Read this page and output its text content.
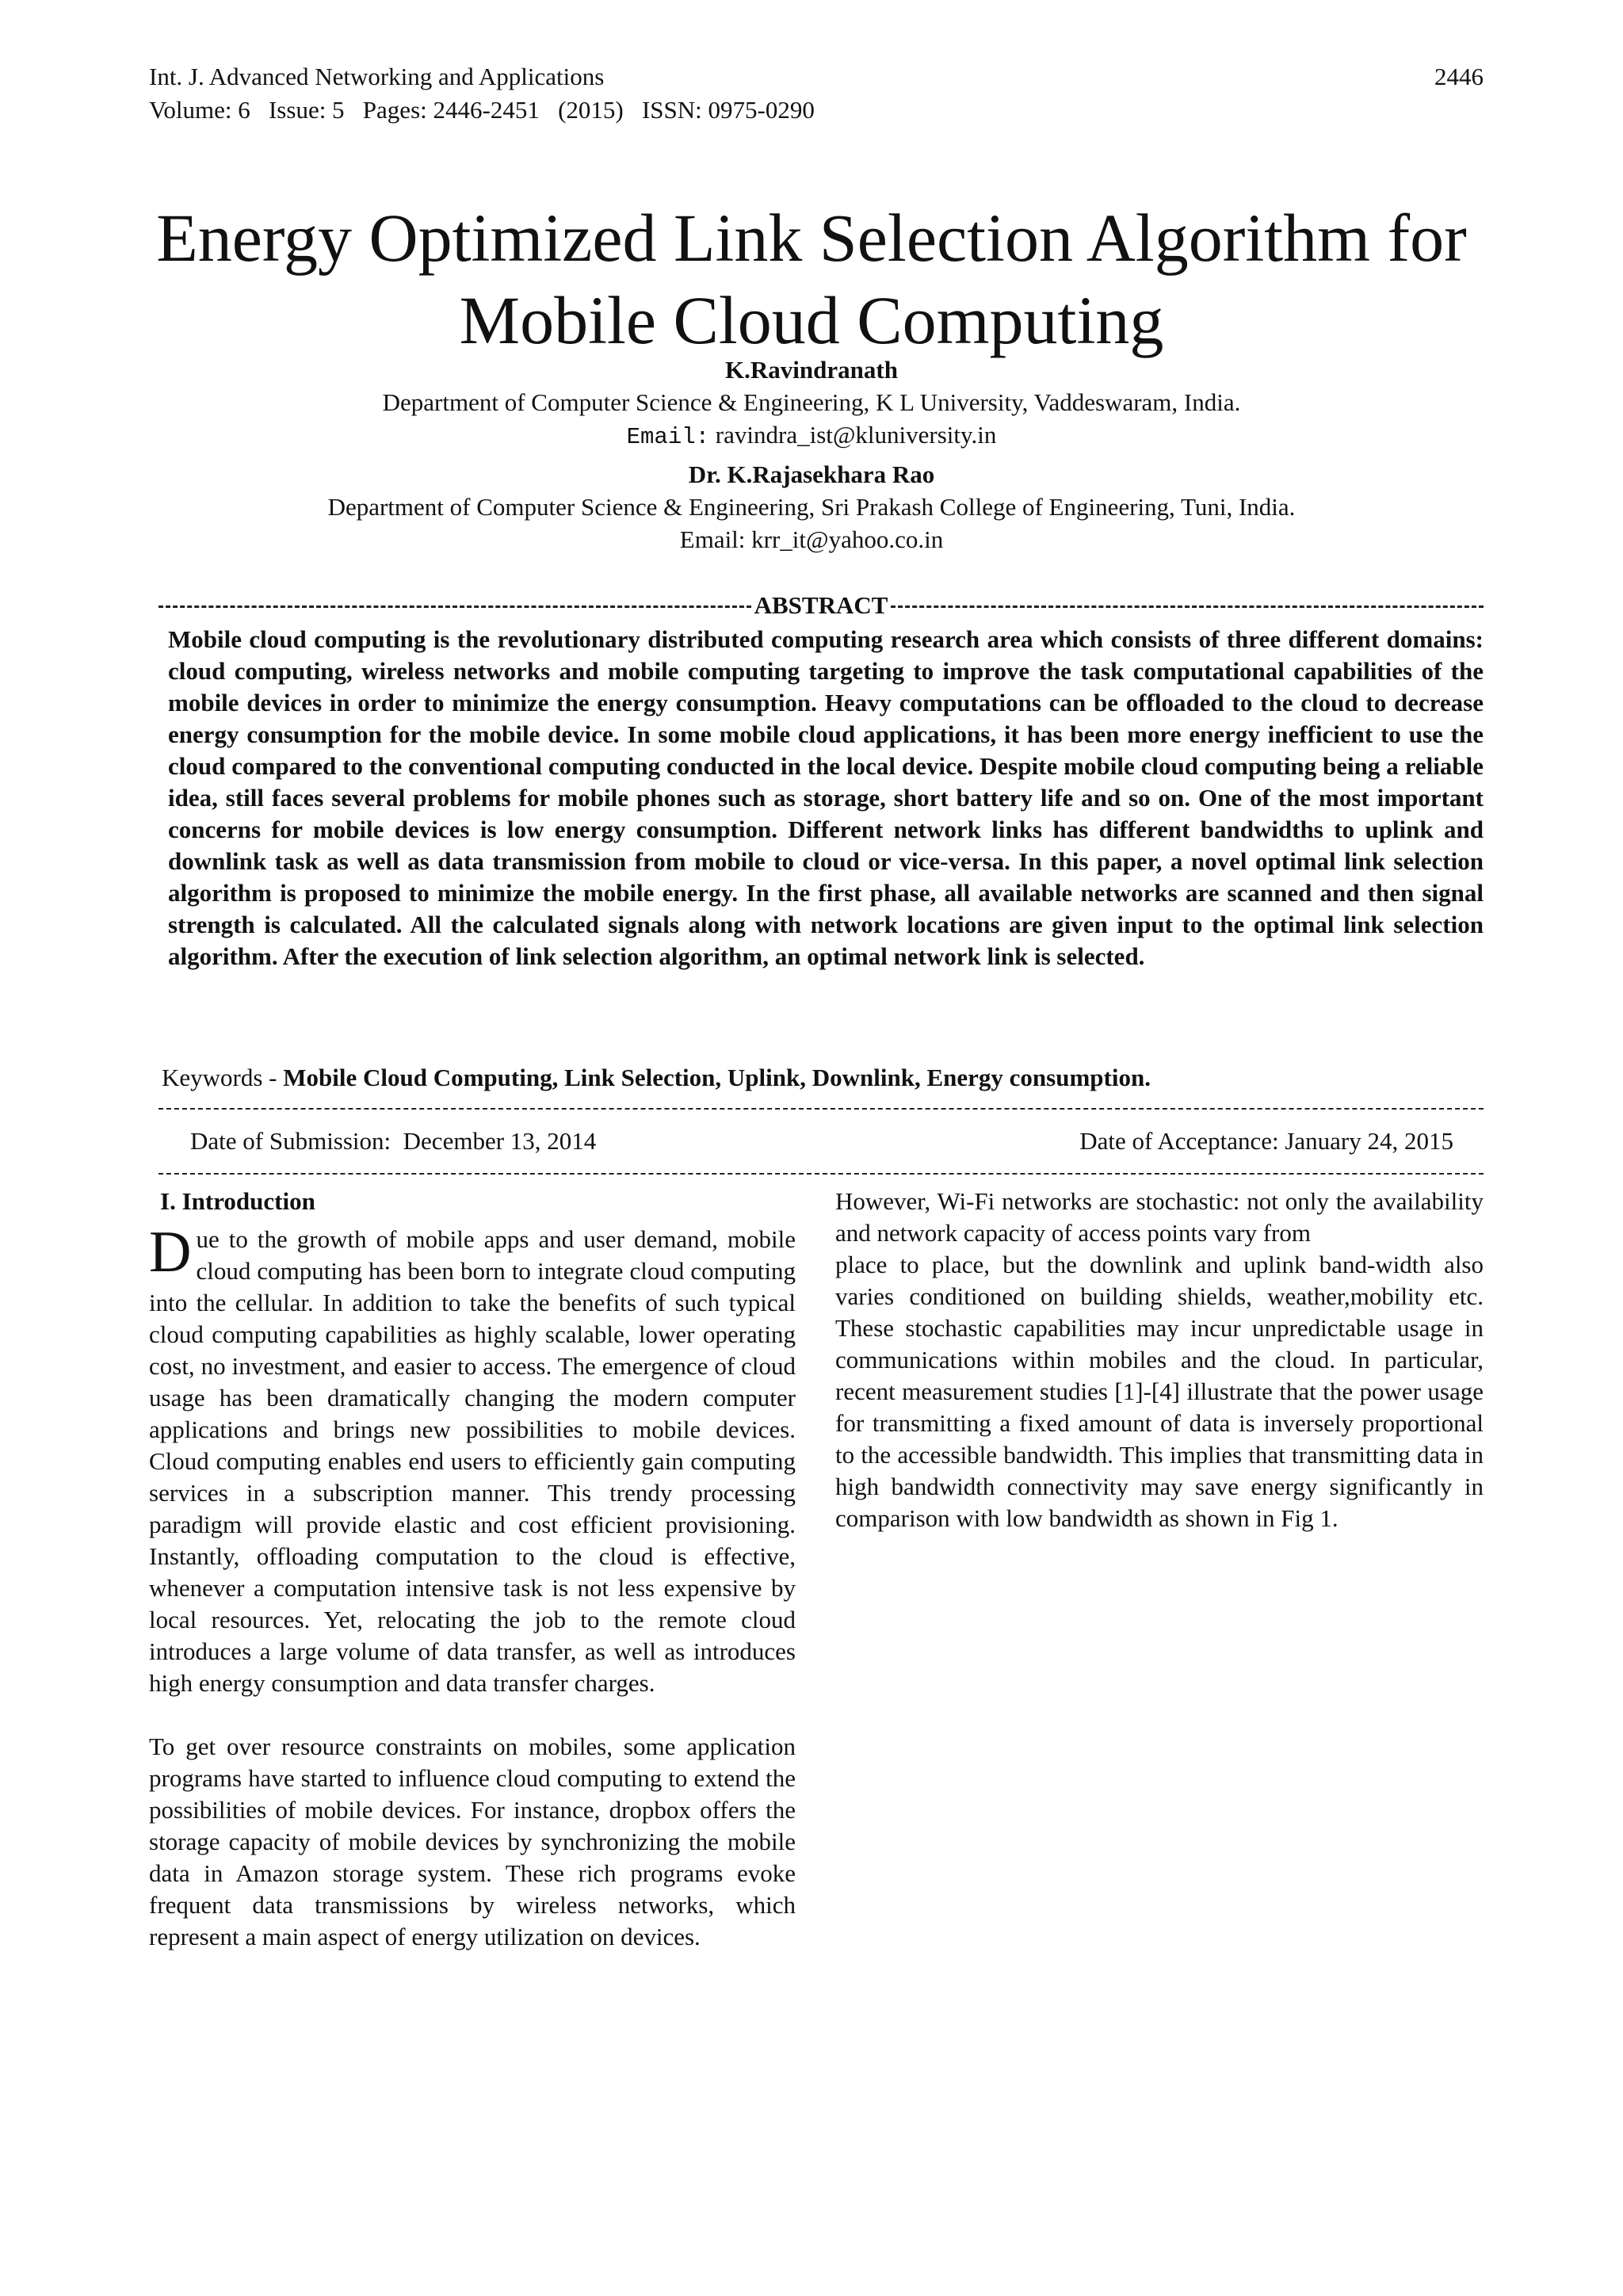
Int. J. Advanced Networking and Applications	2446
Volume: 6   Issue: 5   Pages: 2446-2451   (2015)   ISSN: 0975-0290
Energy Optimized Link Selection Algorithm for
Mobile Cloud Computing
K.Ravindranath
Department of Computer Science & Engineering, K L University, Vaddeswaram, India.
Email: ravindra_ist@kluniversity.in
Dr. K.Rajasekhara Rao
Department of Computer Science & Engineering, Sri Prakash College of Engineering, Tuni, India.
Email: krr_it@yahoo.co.in
ABSTRACT

Mobile cloud computing is the revolutionary distributed computing research area which consists of three different domains: cloud computing, wireless networks and mobile computing targeting to improve the task computational capabilities of the mobile devices in order to minimize the energy consumption. Heavy computations can be offloaded to the cloud to decrease energy consumption for the mobile device. In some mobile cloud applications, it has been more energy inefficient to use the cloud compared to the conventional computing conducted in the local device. Despite mobile cloud computing being a reliable idea, still faces several problems for mobile phones such as storage, short battery life and so on. One of the most important concerns for mobile devices is low energy consumption. Different network links has different bandwidths to uplink and downlink task as well as data transmission from mobile to cloud or vice-versa. In this paper, a novel optimal link selection algorithm is proposed to minimize the mobile energy. In the first phase, all available networks are scanned and then signal strength is calculated. All the calculated signals along with network locations are given input to the optimal link selection algorithm. After the execution of link selection algorithm, an optimal network link is selected.

Keywords - Mobile Cloud Computing, Link Selection, Uplink, Downlink, Energy consumption.
Date of Submission:  December 13, 2014	Date of Acceptance: January 24, 2015
I. Introduction

Due to the growth of mobile apps and user demand, mobile cloud computing has been born to integrate cloud computing into the cellular. In addition to take the benefits of such typical cloud computing capabilities as highly scalable, lower operating cost, no investment, and easier to access. The emergence of cloud usage has been dramatically changing the modern computer applications and brings new possibilities to mobile devices. Cloud computing enables end users to efficiently gain computing services in a subscription manner. This trendy processing paradigm will provide elastic and cost efficient provisioning. Instantly, offloading computation to the cloud is effective, whenever a computation intensive task is not less expensive by local resources. Yet, relocating the job to the remote cloud introduces a large volume of data transfer, as well as introduces high energy consumption and data transfer charges.

To get over resource constraints on mobiles, some application programs have started to influence cloud computing to extend the possibilities of mobile devices. For instance, dropbox offers the storage capacity of mobile devices by synchronizing the mobile data in Amazon storage system. These rich programs evoke frequent data transmissions by wireless networks, which represent a main aspect of energy utilization on devices.

However, Wi-Fi networks are stochastic: not only the availability and network capacity of access points vary from

place to place, but the downlink and uplink band-width also varies conditioned on building shields, weather,mobility etc. These stochastic capabilities may incur unpredictable usage in communications within mobiles and the cloud. In particular, recent measurement studies [1]-[4] illustrate that the power usage for transmitting a fixed amount of data is inversely proportional to the accessible bandwidth. This implies that transmitting data in high bandwidth connectivity may save energy significantly in comparison with low bandwidth as shown in Fig 1.
